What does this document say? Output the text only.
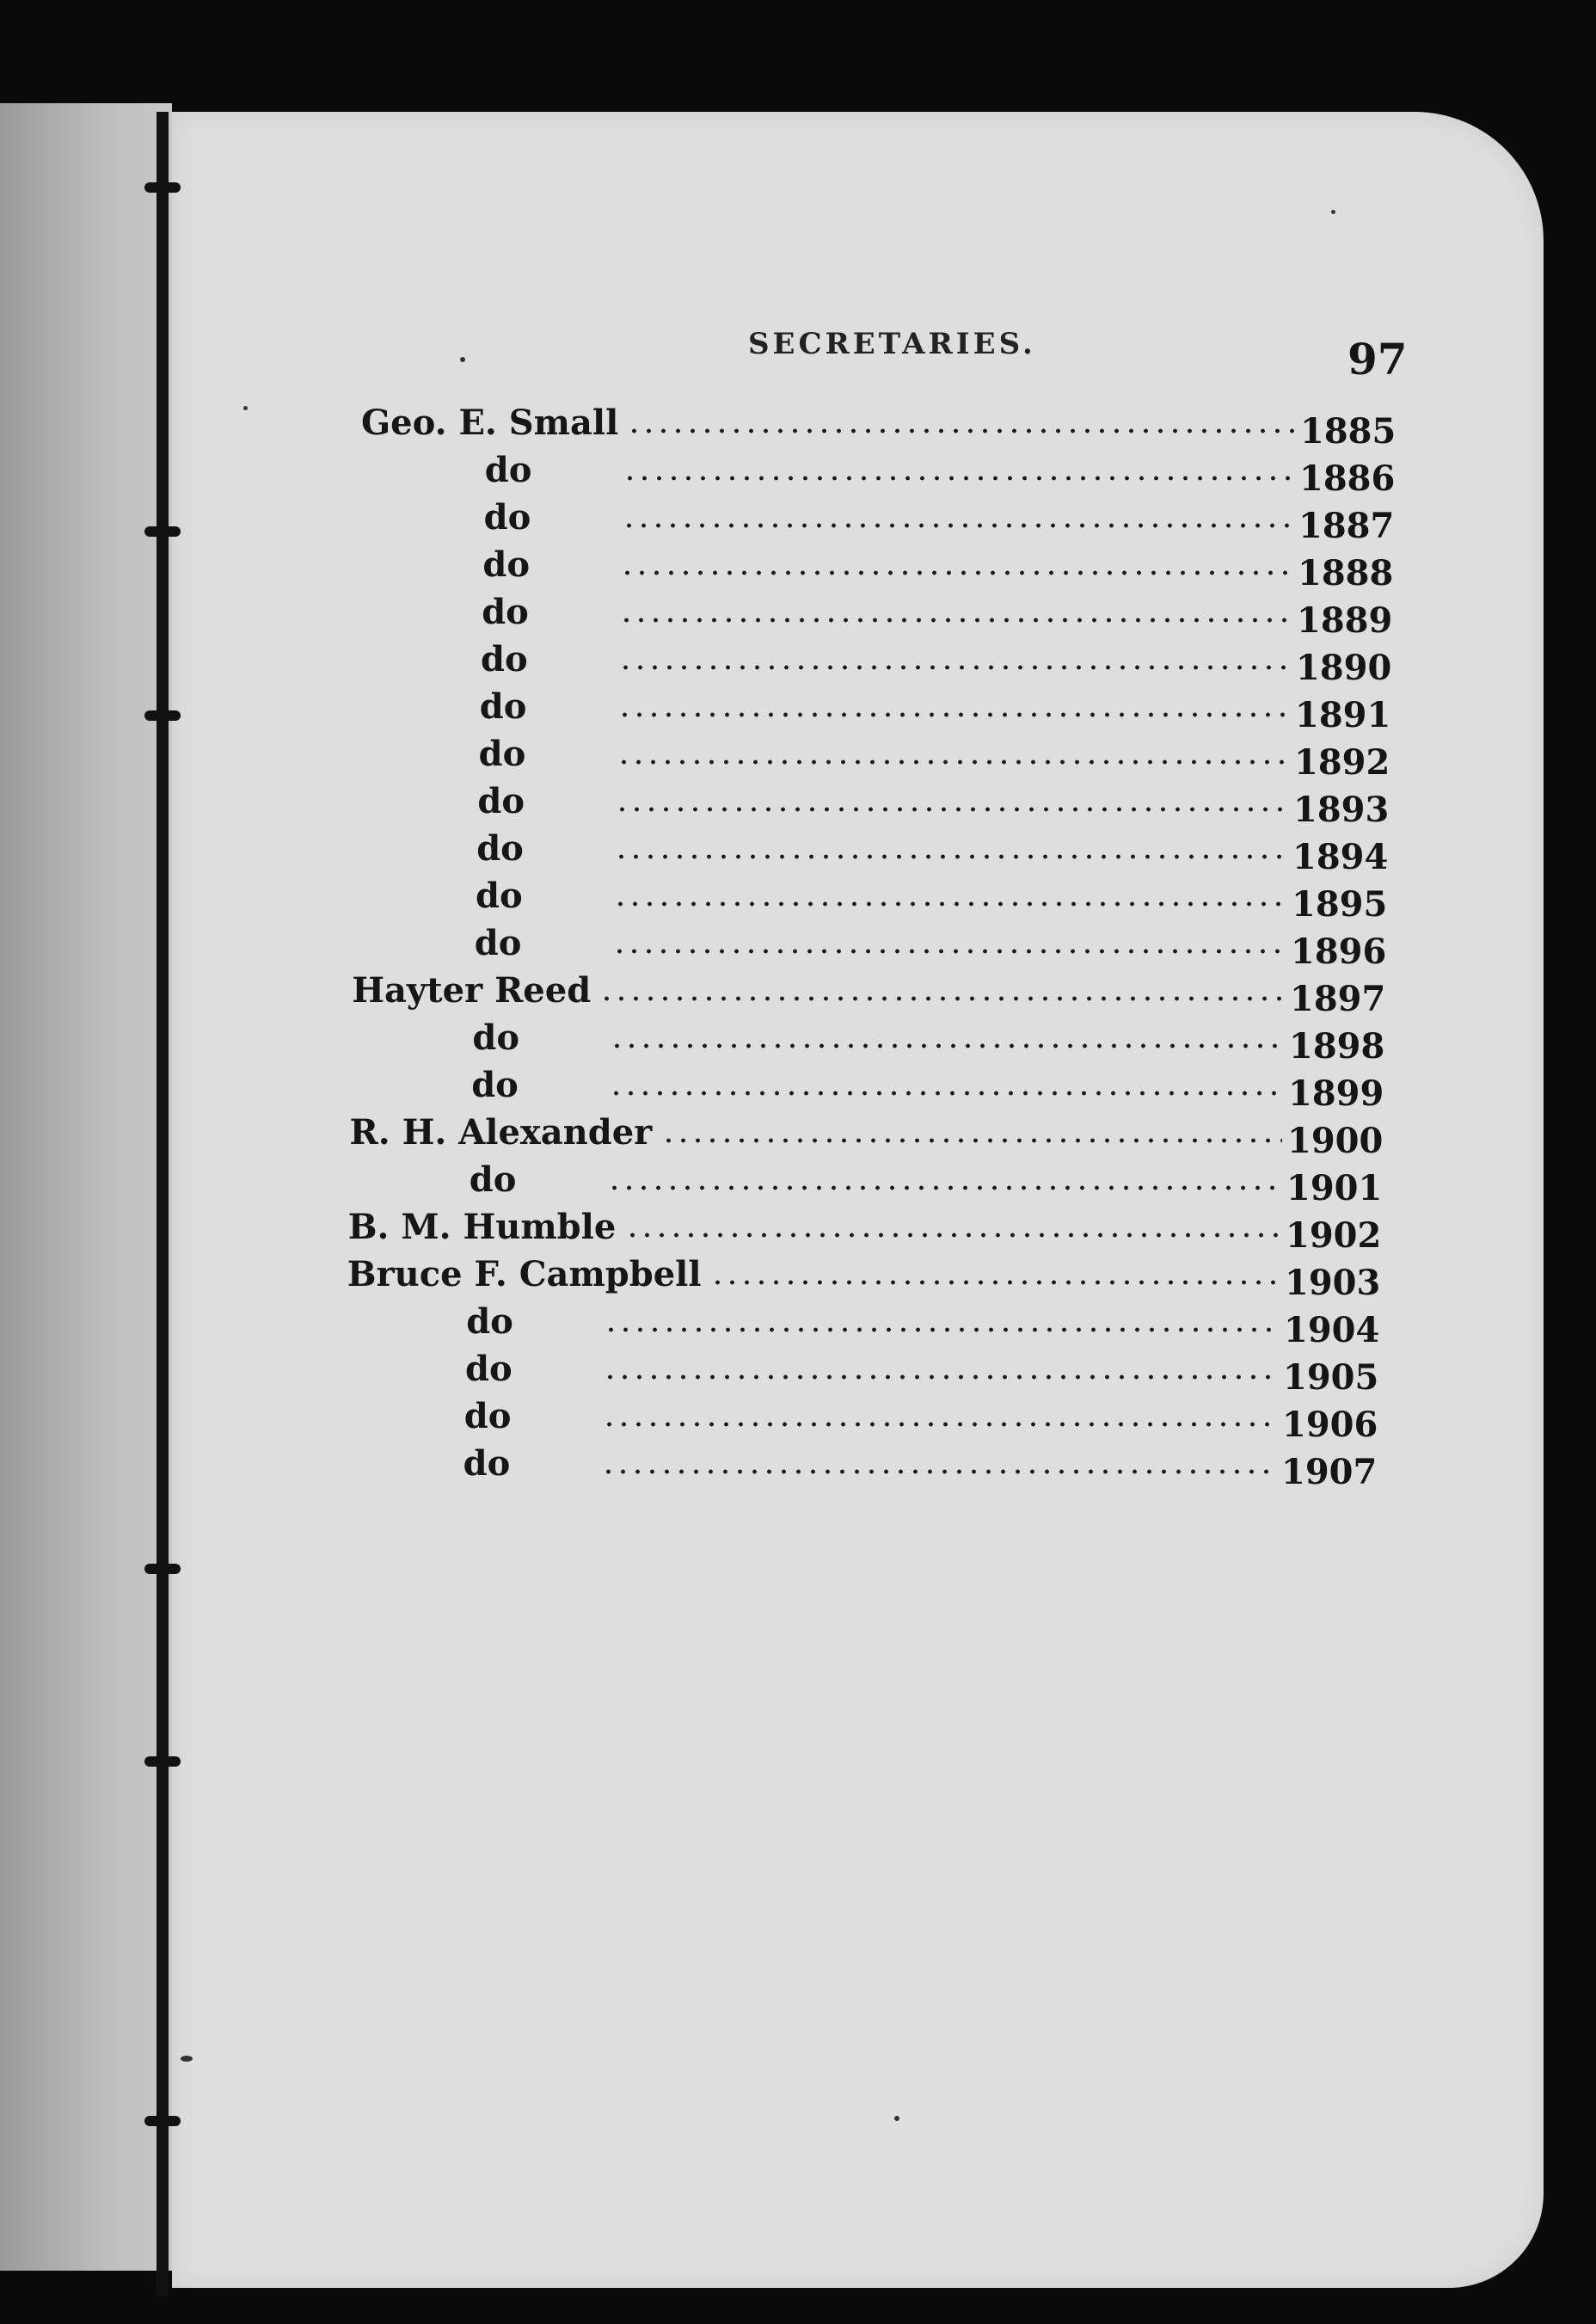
SECRETARIES.	97
Geo. E. Small	1885
do	1886
do	1887
do	1888
do	1889
do	1890
do	1891
do	1892
do	1893
do	1894
do	1895
do	1896
Hayter Reed	1897
do	1898
do	1899
R. H. Alexander	1900
do	1901
B. M. Humble	1902
Bruce F. Campbell	1903
do	1904
do	1905
do	1906
do	1907
